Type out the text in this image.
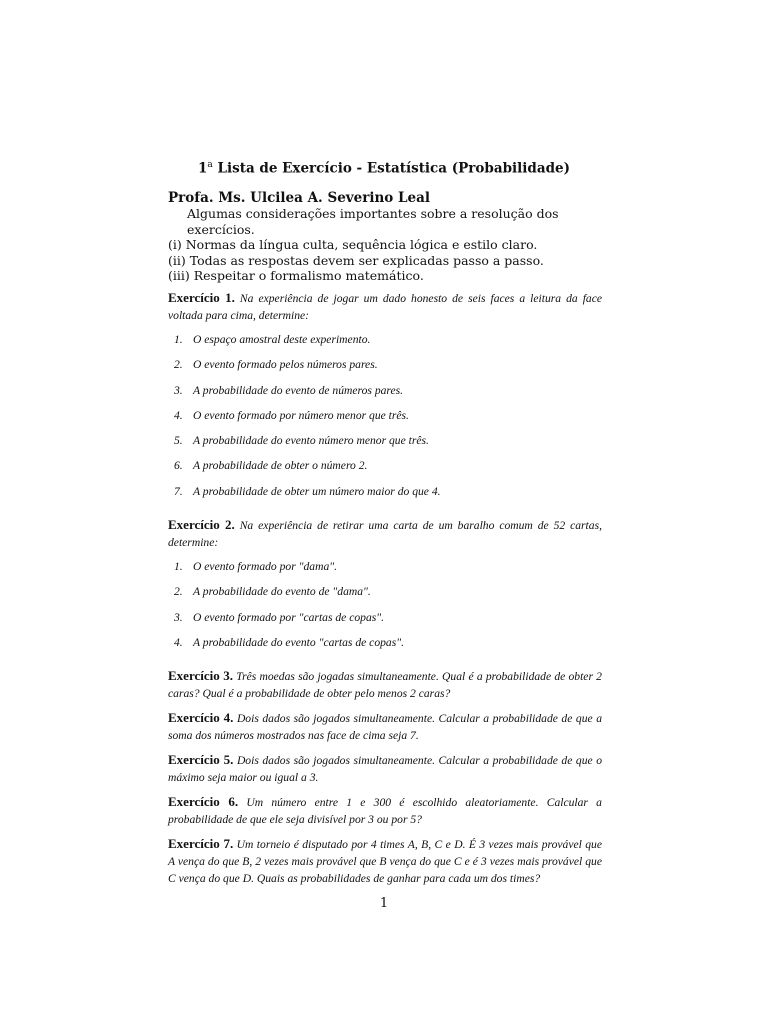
1$^a$ Lista de Exercício - Estatística (Probabilidade)
Profa. Ms. Ulcilea A. Severino Leal
Algumas considerações importantes sobre a resolução dos exercícios.
(i) Normas da língua culta, sequência lógica e estilo claro.
(ii) Todas as respostas devem ser explicadas passo a passo.
(iii) Respeitar o formalismo matemático.
Exercício 1. Na experiência de jogar um dado honesto de seis faces a leitura da face voltada para cima, determine:
1. O espaço amostral deste experimento.
2. O evento formado pelos números pares.
3. A probabilidade do evento de números pares.
4. O evento formado por número menor que três.
5. A probabilidade do evento número menor que três.
6. A probabilidade de obter o número 2.
7. A probabilidade de obter um número maior do que 4.
Exercício 2. Na experiência de retirar uma carta de um baralho comum de 52 cartas, determine:
1. O evento formado por "dama".
2. A probabilidade do evento de "dama".
3. O evento formado por "cartas de copas".
4. A probabilidade do evento "cartas de copas".
Exercício 3. Três moedas são jogadas simultaneamente. Qual é a probabilidade de obter 2 caras? Qual é a probabilidade de obter pelo menos 2 caras?
Exercício 4. Dois dados são jogados simultaneamente. Calcular a probabilidade de que a soma dos números mostrados nas face de cima seja 7.
Exercício 5. Dois dados são jogados simultaneamente. Calcular a probabilidade de que o máximo seja maior ou igual a 3.
Exercício 6. Um número entre 1 e 300 é escolhido aleatoriamente. Calcular a probabilidade de que ele seja divisível por 3 ou por 5?
Exercício 7. Um torneio é disputado por 4 times A, B, C e D. É 3 vezes mais provável que A vença do que B, 2 vezes mais provável que B vença do que C e é 3 vezes mais provável que C vença do que D. Quais as probabilidades de ganhar para cada um dos times?
1
